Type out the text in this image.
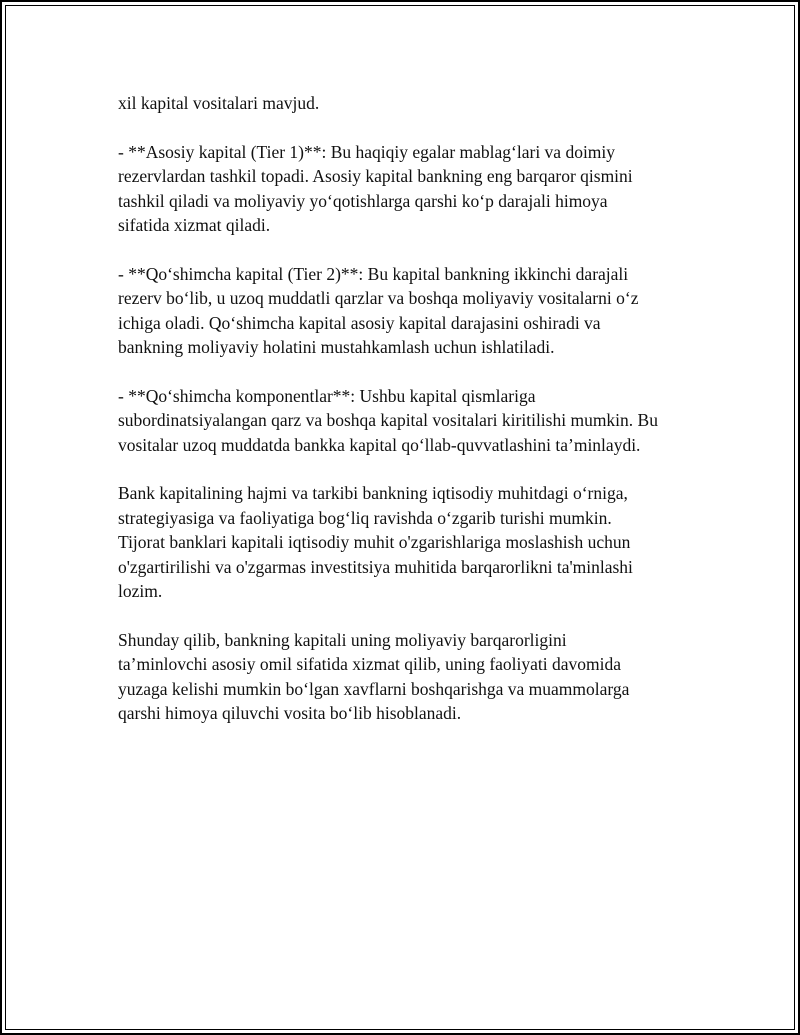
xil kapital vositalari mavjud.

- **Asosiy kapital (Tier 1)**: Bu haqiqiy egalar mablag‘lari va doimiy
rezervlardan tashkil topadi. Asosiy kapital bankning eng barqaror qismini
tashkil qiladi va moliyaviy yo‘qotishlarga qarshi ko‘p darajali himoya
sifatida xizmat qiladi.

- **Qo‘shimcha kapital (Tier 2)**: Bu kapital bankning ikkinchi darajali
rezerv bo‘lib, u uzoq muddatli qarzlar va boshqa moliyaviy vositalarni o‘z
ichiga oladi. Qo‘shimcha kapital asosiy kapital darajasini oshiradi va
bankning moliyaviy holatini mustahkamlash uchun ishlatiladi.

- **Qo‘shimcha komponentlar**: Ushbu kapital qismlariga
subordinatsiyalangan qarz va boshqa kapital vositalari kiritilishi mumkin. Bu
vositalar uzoq muddatda bankka kapital qo‘llab-quvvatlashini ta’minlaydi.

Bank kapitalining hajmi va tarkibi bankning iqtisodiy muhitdagi o‘rniga,
strategiyasiga va faoliyatiga bog‘liq ravishda o‘zgarib turishi mumkin.
Tijorat banklari kapitali iqtisodiy muhit o'zgarishlariga moslashish uchun
o'zgartirilishi va o'zgarmas investitsiya muhitida barqarorlikni ta'minlashi
lozim.

Shunday qilib, bankning kapitali uning moliyaviy barqarorligini
ta’minlovchi asosiy omil sifatida xizmat qilib, uning faoliyati davomida
yuzaga kelishi mumkin bo‘lgan xavflarni boshqarishga va muammolarga
qarshi himoya qiluvchi vosita bo‘lib hisoblanadi.
